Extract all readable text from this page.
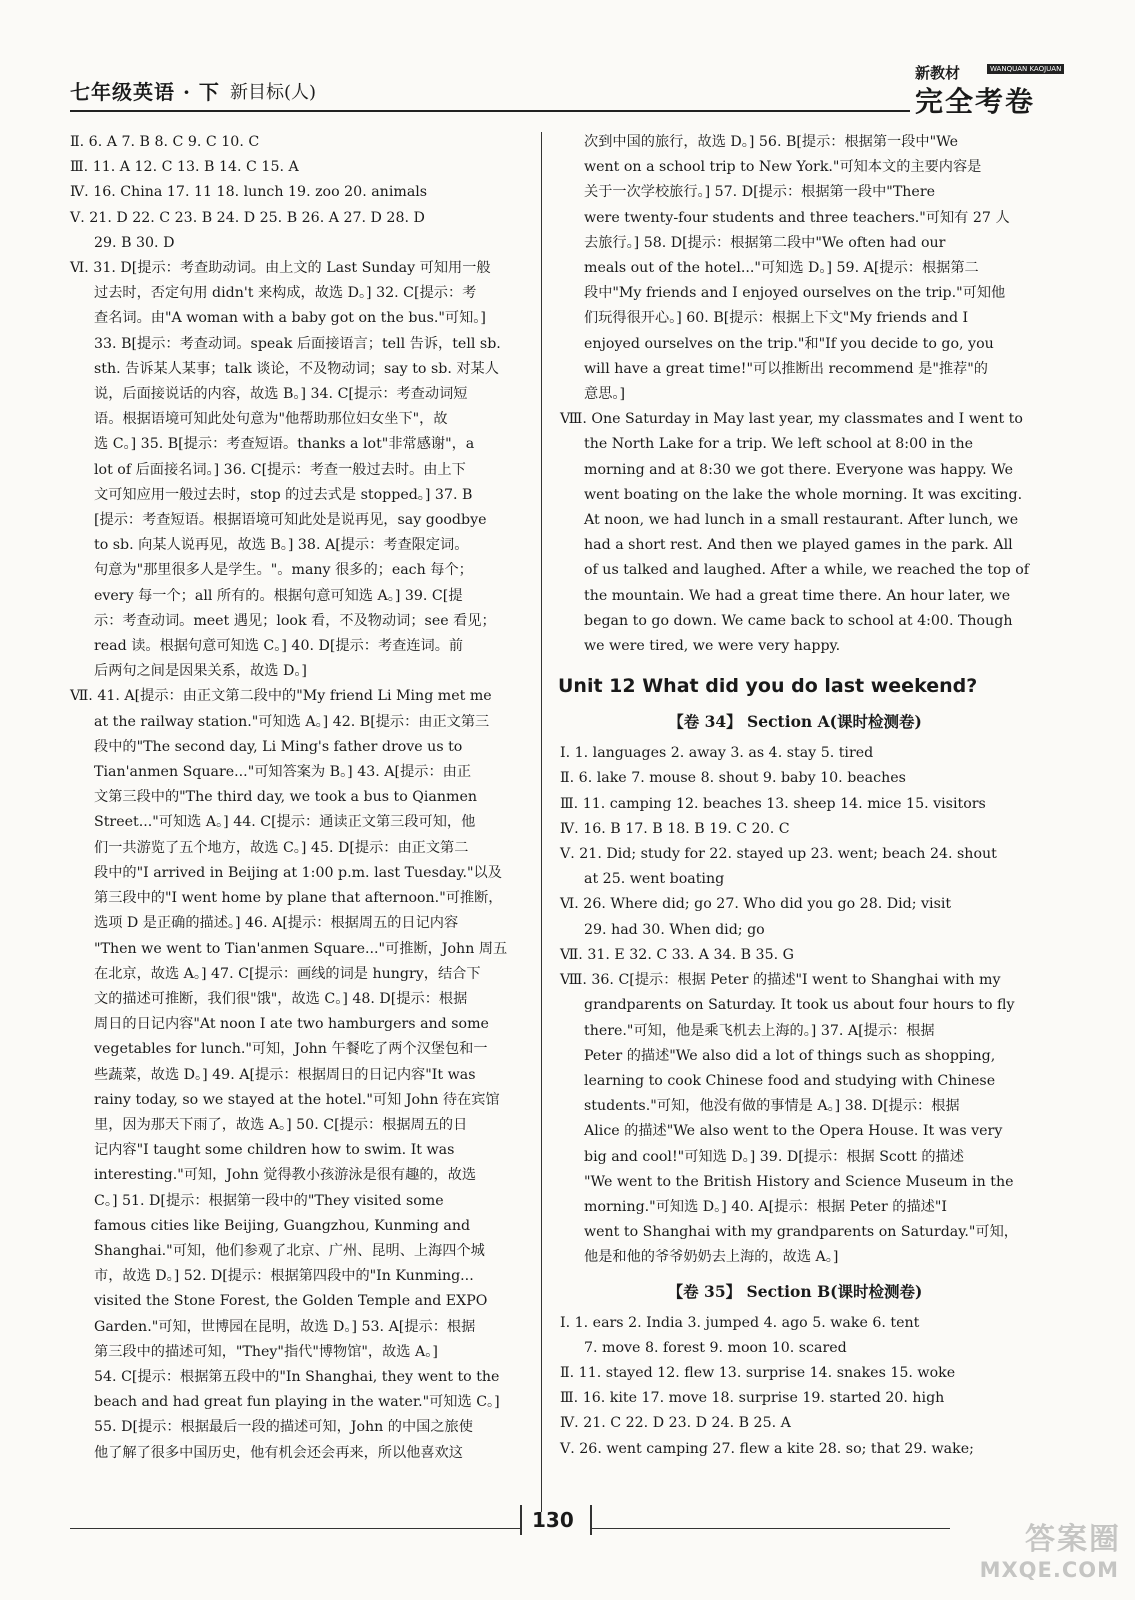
七年级英语 · 下 新目标(人)
新教材	WANQUAN KAOJUAN
完全考卷

Ⅱ. 6. A 7. B 8. C 9. C 10. C

Ⅲ. 11. A 12. C 13. B 14. C 15. A

Ⅳ. 16. China 17. 11 18. lunch 19. zoo 20. animals

Ⅴ. 21. D 22. C 23. B 24. D 25. B 26. A 27. D 28. D

29. B 30. D

Ⅵ. 31. D[提示：考查助动词。由上文的 Last Sunday 可知用一般

过去时，否定句用 didn't 来构成，故选 D。] 32. C[提示：考

查名词。由"A woman with a baby got on the bus."可知。]

33. B[提示：考查动词。speak 后面接语言；tell 告诉，tell sb.

sth. 告诉某人某事；talk 谈论，不及物动词；say to sb. 对某人

说，后面接说话的内容，故选 B。] 34. C[提示：考查动词短

语。根据语境可知此处句意为"他帮助那位妇女坐下"，故

选 C。] 35. B[提示：考查短语。thanks a lot"非常感谢"，a

lot of 后面接名词。] 36. C[提示：考查一般过去时。由上下

文可知应用一般过去时，stop 的过去式是 stopped。] 37. B

[提示：考查短语。根据语境可知此处是说再见，say goodbye

to sb. 向某人说再见，故选 B。] 38. A[提示：考查限定词。

句意为"那里很多人是学生。"。many 很多的；each 每个；

every 每一个；all 所有的。根据句意可知选 A。] 39. C[提

示：考查动词。meet 遇见；look 看，不及物动词；see 看见；

read 读。根据句意可知选 C。] 40. D[提示：考查连词。前

后两句之间是因果关系，故选 D。]

Ⅶ. 41. A[提示：由正文第二段中的"My friend Li Ming met me

at the railway station."可知选 A。] 42. B[提示：由正文第三

段中的"The second day, Li Ming's father drove us to

Tian'anmen Square..."可知答案为 B。] 43. A[提示：由正

文第三段中的"The third day, we took a bus to Qianmen

Street..."可知选 A。] 44. C[提示：通读正文第三段可知，他

们一共游览了五个地方，故选 C。] 45. D[提示：由正文第二

段中的"I arrived in Beijing at 1:00 p.m. last Tuesday."以及

第三段中的"I went home by plane that afternoon."可推断，

选项 D 是正确的描述。] 46. A[提示：根据周五的日记内容

"Then we went to Tian'anmen Square..."可推断，John 周五

在北京，故选 A。] 47. C[提示：画线的词是 hungry，结合下

文的描述可推断，我们很"饿"，故选 C。] 48. D[提示：根据

周日的日记内容"At noon I ate two hamburgers and some

vegetables for lunch."可知，John 午餐吃了两个汉堡包和一

些蔬菜，故选 D。] 49. A[提示：根据周日的日记内容"It was

rainy today, so we stayed at the hotel."可知 John 待在宾馆

里，因为那天下雨了，故选 A。] 50. C[提示：根据周五的日

记内容"I taught some children how to swim. It was

interesting."可知，John 觉得教小孩游泳是很有趣的，故选

C。] 51. D[提示：根据第一段中的"They visited some

famous cities like Beijing, Guangzhou, Kunming and

Shanghai."可知，他们参观了北京、广州、昆明、上海四个城

市，故选 D。] 52. D[提示：根据第四段中的"In Kunming...

visited the Stone Forest, the Golden Temple and EXPO

Garden."可知，世博园在昆明，故选 D。] 53. A[提示：根据

第三段中的描述可知，"They"指代"博物馆"，故选 A。]

54. C[提示：根据第五段中的"In Shanghai, they went to the

beach and had great fun playing in the water."可知选 C。]

55. D[提示：根据最后一段的描述可知，John 的中国之旅使

他了解了很多中国历史，他有机会还会再来，所以他喜欢这

次到中国的旅行，故选 D。] 56. B[提示：根据第一段中"We

went on a school trip to New York."可知本文的主要内容是

关于一次学校旅行。] 57. D[提示：根据第一段中"There

were twenty-four students and three teachers."可知有 27 人

去旅行。] 58. D[提示：根据第二段中"We often had our

meals out of the hotel..."可知选 D。] 59. A[提示：根据第二

段中"My friends and I enjoyed ourselves on the trip."可知他

们玩得很开心。] 60. B[提示：根据上下文"My friends and I

enjoyed ourselves on the trip."和"If you decide to go, you

will have a great time!"可以推断出 recommend 是"推荐"的

意思。]

Ⅷ. One Saturday in May last year, my classmates and I went to

the North Lake for a trip. We left school at 8:00 in the

morning and at 8:30 we got there. Everyone was happy. We

went boating on the lake the whole morning. It was exciting.

At noon, we had lunch in a small restaurant. After lunch, we

had a short rest. And then we played games in the park. All

of us talked and laughed. After a while, we reached the top of

the mountain. We had a great time there. An hour later, we

began to go down. We came back to school at 4:00. Though

we were tired, we were very happy.

Unit 12 What did you do last weekend?

【卷 34】 Section A(课时检测卷)

Ⅰ. 1. languages 2. away 3. as 4. stay 5. tired

Ⅱ. 6. lake 7. mouse 8. shout 9. baby 10. beaches

Ⅲ. 11. camping 12. beaches 13. sheep 14. mice 15. visitors

Ⅳ. 16. B 17. B 18. B 19. C 20. C

Ⅴ. 21. Did; study for 22. stayed up 23. went; beach 24. shout

at 25. went boating

Ⅵ. 26. Where did; go 27. Who did you go 28. Did; visit

29. had 30. When did; go

Ⅶ. 31. E 32. C 33. A 34. B 35. G

Ⅷ. 36. C[提示：根据 Peter 的描述"I went to Shanghai with my

grandparents on Saturday. It took us about four hours to fly

there."可知，他是乘飞机去上海的。] 37. A[提示：根据

Peter 的描述"We also did a lot of things such as shopping,

learning to cook Chinese food and studying with Chinese

students."可知，他没有做的事情是 A。] 38. D[提示：根据

Alice 的描述"We also went to the Opera House. It was very

big and cool!"可知选 D。] 39. D[提示：根据 Scott 的描述

"We went to the British History and Science Museum in the

morning."可知选 D。] 40. A[提示：根据 Peter 的描述"I

went to Shanghai with my grandparents on Saturday."可知，

他是和他的爷爷奶奶去上海的，故选 A。]

【卷 35】 Section B(课时检测卷)

Ⅰ. 1. ears 2. India 3. jumped 4. ago 5. wake 6. tent

7. move 8. forest 9. moon 10. scared

Ⅱ. 11. stayed 12. flew 13. surprise 14. snakes 15. woke

Ⅲ. 16. kite 17. move 18. surprise 19. started 20. high

Ⅳ. 21. C 22. D 23. D 24. B 25. A

Ⅴ. 26. went camping 27. flew a kite 28. so; that 29. wake;

130
答案圈
MXQE.COM
